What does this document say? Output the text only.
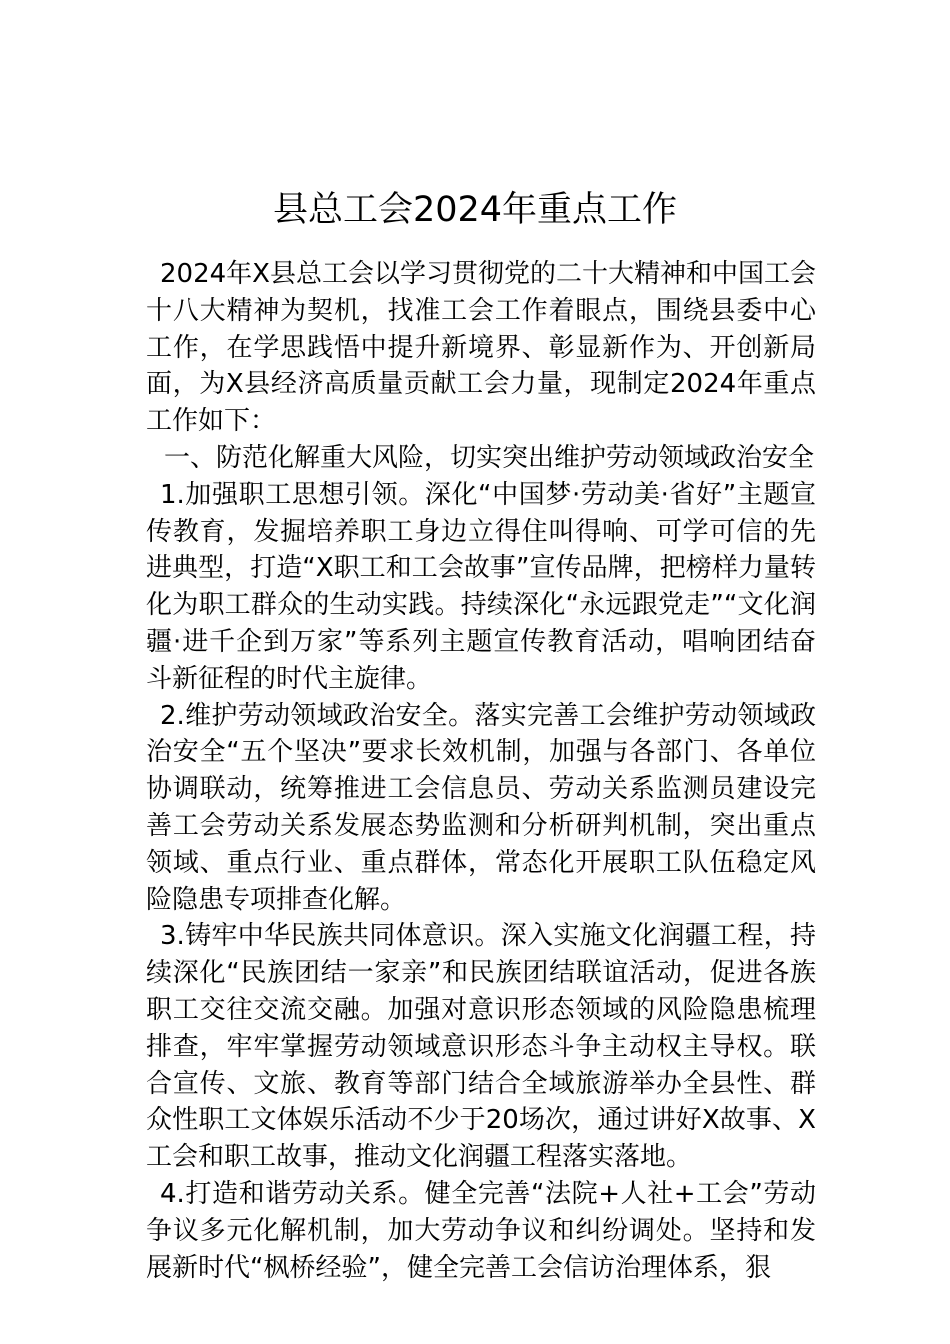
县总工会2024年重点工作

2024年X县总工会以学习贯彻党的二十大精神和中国工会十八大精神为契机，找准工会工作着眼点，围绕县委中心工作，在学思践悟中提升新境界、彰显新作为、开创新局面，为X县经济高质量贡献工会力量，现制定2024年重点工作如下：

一、防范化解重大风险，切实突出维护劳动领域政治安全

1.加强职工思想引领。深化“中国梦·劳动美·省好”主题宣传教育，发掘培养职工身边立得住叫得响、可学可信的先进典型，打造“X职工和工会故事”宣传品牌，把榜样力量转化为职工群众的生动实践。持续深化“永远跟党走”“文化润疆·进千企到万家”等系列主题宣传教育活动，唱响团结奋斗新征程的时代主旋律。

2.维护劳动领域政治安全。落实完善工会维护劳动领域政治安全“五个坚决”要求长效机制，加强与各部门、各单位协调联动，统筹推进工会信息员、劳动关系监测员建设完善工会劳动关系发展态势监测和分析研判机制，突出重点领域、重点行业、重点群体，常态化开展职工队伍稳定风险隐患专项排查化解。

3.铸牢中华民族共同体意识。深入实施文化润疆工程，持续深化“民族团结一家亲”和民族团结联谊活动，促进各族职工交往交流交融。加强对意识形态领域的风险隐患梳理排查，牢牢掌握劳动领域意识形态斗争主动权主导权。联合宣传、文旅、教育等部门结合全域旅游举办全县性、群众性职工文体娱乐活动不少于20场次，通过讲好X故事、X工会和职工故事，推动文化润疆工程落实落地。

4.打造和谐劳动关系。健全完善“法院+人社+工会”劳动争议多元化解机制，加大劳动争议和纠纷调处。坚持和发展新时代“枫桥经验”，健全完善工会信访治理体系，狠
